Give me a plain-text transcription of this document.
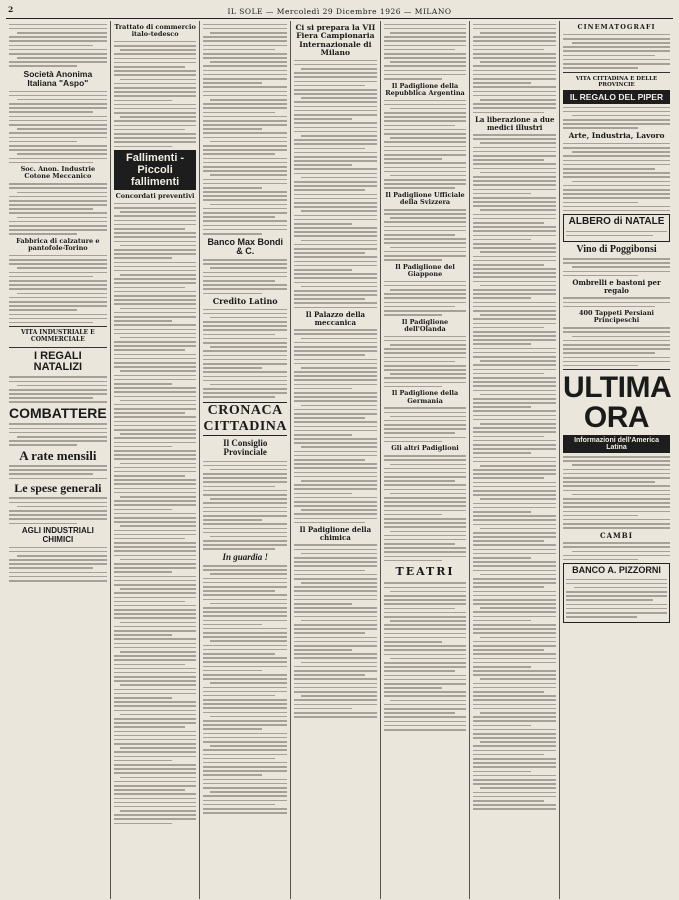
2	IL SOLE — Mercoledì 29 Dicembre 1926 — MILANO
Società Anonima Italiana "Aspo"
Soc. Anon. Industrie Cotone Meccanico
Fabbrica di calzature e pantofole-Torino
VITA INDUSTRIALE E COMMERCIALE
I REGALI NATALIZI
COMBATTERE
A rate mensili
Le spese generali
AGLI INDUSTRIALI CHIMICI
Trattato di commercio italo-tedesco
Fallimenti - Piccoli fallimenti
Concordati preventivi
Banco Max Bondi & C.
Credito Latino
CRONACA CITTADINA
Il Consiglio Provinciale
In guardia !
Ci si prepara la VII Fiera Campionaria Internazionale di Milano
Il Palazzo della meccanica
Il Padiglione della chimica
Il Padiglione della Repubblica Argentina
Il Padiglione Ufficiale della Svizzera
Il Padiglione del Giappone
Il Padiglione dell'Olanda
Il Padiglione della Germania
Gli altri Padiglioni
TEATRI
La liberazione a due medici illustri
CINEMATOGRAFI
VITA CITTADINA E DELLE PROVINCIE
IL REGALO DEL PIPER
Arte, Industria, Lavoro
ALBERO di NATALE
Vino di Poggibonsi
Ombrelli e bastoni per regalo
400 Tappeti Persiani Principeschi
ULTIMA ORA
Informazioni dell'America Latina
CAMBI
BANCO A. PIZZORNI
